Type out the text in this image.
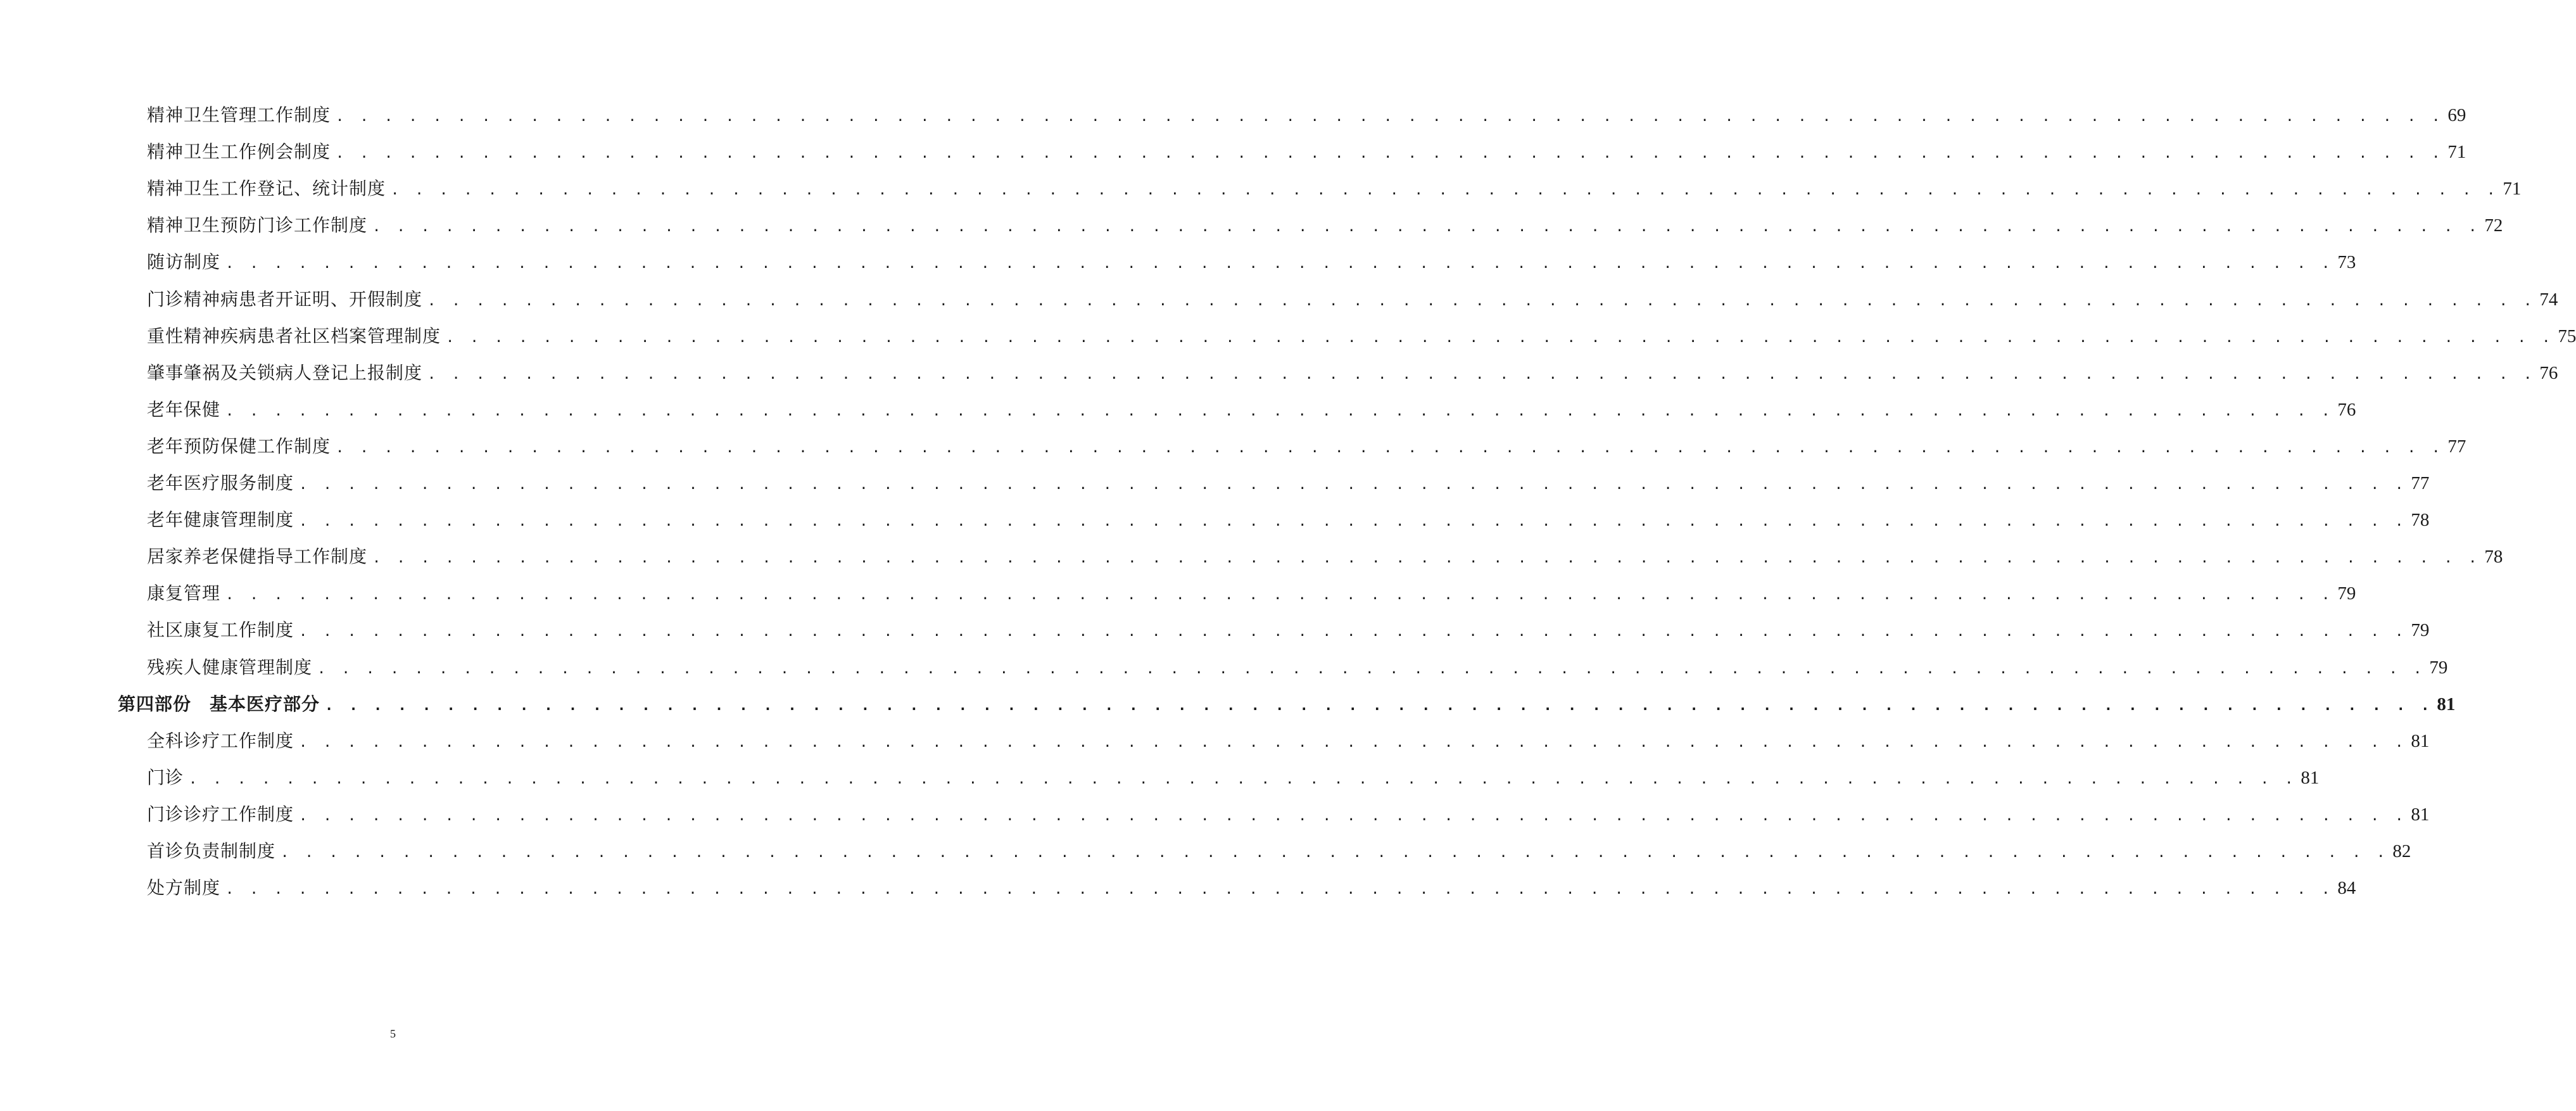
精神卫生管理工作制度 . . . . . . . . . . . . . . . . . . . . . . . . . . . . . . . . . . . . . . . . . . . . . . . . . . . . . . . . . . . . . . . . . . . . . . . . . . . . . . . . . . . . . . . 69
精神卫生工作例会制度 . . . . . . . . . . . . . . . . . . . . . . . . . . . . . . . . . . . . . . . . . . . . . . . . . . . . . . . . . . . . . . . . . . . . . . . . . . . . . . . . . . . . . . . 71
精神卫生工作登记、统计制度 . . . . . . . . . . . . . . . . . . . . . . . . . . . . . . . . . . . . . . . . . . . . . . . . . . . . . . . . . . . . . . . . . . . . . . . . . . . . . . . . . . . . . . . 71
精神卫生预防门诊工作制度 . . . . . . . . . . . . . . . . . . . . . . . . . . . . . . . . . . . . . . . . . . . . . . . . . . . . . . . . . . . . . . . . . . . . . . . . . . . . . . . . . . . . . . . 72
随访制度 . . . . . . . . . . . . . . . . . . . . . . . . . . . . . . . . . . . . . . . . . . . . . . . . . . . . . . . . . . . . . . . . . . . . . . . . . . . . . . . . . . . . . . . 73
门诊精神病患者开证明、开假制度 . . . . . . . . . . . . . . . . . . . . . . . . . . . . . . . . . . . . . . . . . . . . . . . . . . . . . . . . . . . . . . . . . . . . . . . . . . . . . . . . . . . . . . . 74
重性精神疾病患者社区档案管理制度 . . . . . . . . . . . . . . . . . . . . . . . . . . . . . . . . . . . . . . . . . . . . . . . . . . . . . . . . . . . . . . . . . . . . . . . . . . . . . . . . . . . . . . . 75
肇事肇祸及关锁病人登记上报制度 . . . . . . . . . . . . . . . . . . . . . . . . . . . . . . . . . . . . . . . . . . . . . . . . . . . . . . . . . . . . . . . . . . . . . . . . . . . . . . . . . . . . . . . 76
老年保健 . . . . . . . . . . . . . . . . . . . . . . . . . . . . . . . . . . . . . . . . . . . . . . . . . . . . . . . . . . . . . . . . . . . . . . . . . . . . . . . . . . . . . . . 76
老年预防保健工作制度 . . . . . . . . . . . . . . . . . . . . . . . . . . . . . . . . . . . . . . . . . . . . . . . . . . . . . . . . . . . . . . . . . . . . . . . . . . . . . . . . . . . . . . . 77
老年医疗服务制度 . . . . . . . . . . . . . . . . . . . . . . . . . . . . . . . . . . . . . . . . . . . . . . . . . . . . . . . . . . . . . . . . . . . . . . . . . . . . . . . . . . . . . . . 77
老年健康管理制度 . . . . . . . . . . . . . . . . . . . . . . . . . . . . . . . . . . . . . . . . . . . . . . . . . . . . . . . . . . . . . . . . . . . . . . . . . . . . . . . . . . . . . . . 78
居家养老保健指导工作制度 . . . . . . . . . . . . . . . . . . . . . . . . . . . . . . . . . . . . . . . . . . . . . . . . . . . . . . . . . . . . . . . . . . . . . . . . . . . . . . . . . . . . . . . 78
康复管理 . . . . . . . . . . . . . . . . . . . . . . . . . . . . . . . . . . . . . . . . . . . . . . . . . . . . . . . . . . . . . . . . . . . . . . . . . . . . . . . . . . . . . . . 79
社区康复工作制度 . . . . . . . . . . . . . . . . . . . . . . . . . . . . . . . . . . . . . . . . . . . . . . . . . . . . . . . . . . . . . . . . . . . . . . . . . . . . . . . . . . . . . . . 79
残疾人健康管理制度 . . . . . . . . . . . . . . . . . . . . . . . . . . . . . . . . . . . . . . . . . . . . . . . . . . . . . . . . . . . . . . . . . . . . . . . . . . . . . . . . . . . . . . . 79
第四部份　基本医疗部分 . . . . . . . . . . . . . . . . . . . . . . . . . . . . . . . . . . . . . . . . . . . . . . . . . . . . . . . . . . . . . . . . . . . . . . . . . . . . . . . . . . . . . . . 81
全科诊疗工作制度 . . . . . . . . . . . . . . . . . . . . . . . . . . . . . . . . . . . . . . . . . . . . . . . . . . . . . . . . . . . . . . . . . . . . . . . . . . . . . . . . . . . . . . . 81
门诊 . . . . . . . . . . . . . . . . . . . . . . . . . . . . . . . . . . . . . . . . . . . . . . . . . . . . . . . . . . . . . . . . . . . . . . . . . . . . . . . . . . . . . . . 81
门诊诊疗工作制度 . . . . . . . . . . . . . . . . . . . . . . . . . . . . . . . . . . . . . . . . . . . . . . . . . . . . . . . . . . . . . . . . . . . . . . . . . . . . . . . . . . . . . . . 81
首诊负责制制度 . . . . . . . . . . . . . . . . . . . . . . . . . . . . . . . . . . . . . . . . . . . . . . . . . . . . . . . . . . . . . . . . . . . . . . . . . . . . . . . . . . . . . . . 82
处方制度 . . . . . . . . . . . . . . . . . . . . . . . . . . . . . . . . . . . . . . . . . . . . . . . . . . . . . . . . . . . . . . . . . . . . . . . . . . . . . . . . . . . . . . . 84
5
